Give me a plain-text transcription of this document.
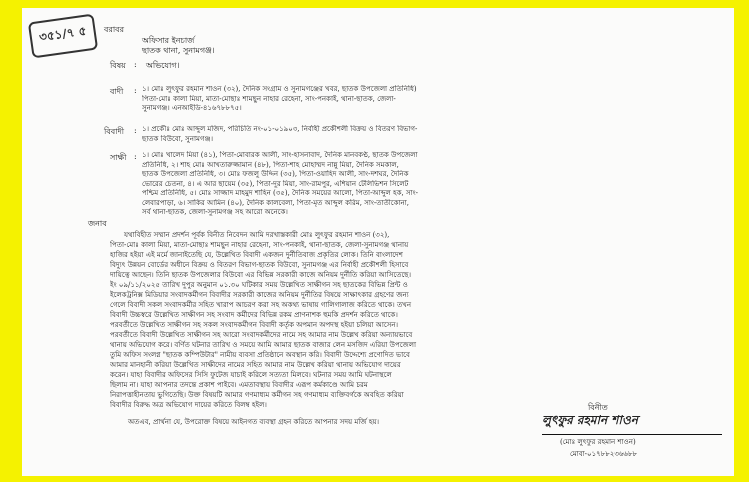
৩৫১/৭ ৫ বরাবর
অফিসার ইনচার্জ
ছাতক থানা, সুনামগঞ্জ।
বিষয় : অভিযোগ।
বাদী : ১। মোঃ লুৎফুর রহমান শাওন (৩২), দৈনিক সংগ্রাম ও সুনামগঞ্জের খবর, ছাতক উপজেলা প্রতিনিধি)

পিতা-মোঃ কালা মিয়া, মাতা-মোছাঃ শামছুন নাহার রেহেনা, সাং-পনকাই, থানা-ছাতক, জেলা-

সুনামগঞ্জ। এনআইডি-৪১৬৭৮৮৭৫।

বিবাদী : ১। প্রকৌঃ মোঃ আব্দুল মজিদ, পরিচিতি নং-০১-০১৯০৩, নির্বাহী প্রকৌশলী বিক্রয় ও বিতরণ বিভাগ-

ছাতক বিউবো, সুনামগঞ্জ।

সাক্ষী : ১। মোঃ খালেদ মিয়া (৪১), পিতা-মোবারক আলী, সাং-হাসনাবাদ, দৈনিক মানবকণ্ঠ, ছাতক উপজেলা

প্রতিনিধি, ২। শাহ মোঃ আখতারুজ্জামান (৪৮), পিতা-শাহ মোহাম্মদ নান্নু মিয়া, দৈনিক সমকাল,

ছাতক উপজেলা প্রতিনিধি, ৩। মোঃ ফজলু উদ্দিন (৩৫), পিতা-ওয়াহিদ আলী, সাং-দশঘর, দৈনিক

ভোরের চেতনা, ৪। এ আর ছায়েম (৩৫), পিতা-দুর মিয়া, সাং-রামপুর, এশিয়ান টেলিভিশন সিলেট

পশ্চিম প্রতিনিধি, ৫। মোঃ সাজ্জাদ মাহমুদ শাহিন (৩৫), দৈনিক সময়ের আলো, পিতা-আব্দুল হক, সাং-

লেবারপাড়া, ৬। সাকির আমিন (৪০), দৈনিক কালবেলা, পিতা-মৃত আব্দুল করিম, সাং-তাতীকোনা,

সর্ব থানা-ছাতক, জেলা-সুনামগঞ্জ সহ আরো অনেকে।

জনাব

যথাবিহীত সম্মান প্রদর্শন পূর্বক বিনীত নিবেদন আমি দরখাস্তকারী মোঃ লুৎফুর রহমান শাওন (৩২),

পিতা-মোঃ কালা মিয়া, মাতা-মোছাঃ শামছুন নাহার রেহেনা, সাং-পনকাই, থানা-ছাতক, জেলা-সুনামগঞ্জ থানায়

হাজির হইয়া এই মর্মে জানাইতেছি যে, উল্লেখিত বিবাদী একজন দুর্নীতিবাজ প্রকৃতির লোক। তিনি বাংলাদেশ

বিদ্যুৎ উন্নয়ন বোর্ডের অধীনে বিক্রয় ও বিতরণ বিভাগ-ছাতক বিউবো, সুনামগঞ্জ এর নির্বাহী প্রকৌশলী হিসাবে

দায়িত্বে আছেন। তিনি ছাতক উপজেলার বিউবো এর বিভিন্ন সরকারী কাজে অনিয়ম দুর্নীতি করিয়া আসিতেছে।

ইং ০৯/১১/২০২৫ তারিখ দুপুর অনুমান ০১.৩০ ঘটিকার সময় উল্লেখিত সাক্ষীগন সহ ছাতকের বিভিন্ন প্রিন্ট ও

ইলেকট্রনিক্স মিডিয়ার সংবাদকর্মীগন বিবাদীর সরকারী কাজের অনিয়ম দুর্নীতির বিষয়ে সাক্ষাৎকার গ্রহণের জন্য

গেলে বিবাদী সকল সংবাদকর্মীর সহিত খারাপ আচরণ করা সহ অকথ্য ভাষায় গালিগালাজ করিতে থাকে। তখন

বিবাদী উচ্চস্বরে উল্লেখিত সাক্ষীগন সহ সংবাদ কর্মীদের বিভিন্ন রকম প্রাণনাশক হুমকি প্রদর্শন করিতে থাকে।

পরবর্তীতে উল্লেখিত সাক্ষীগন সহ সকল সংবাদকর্মীগন বিবাদী কর্তৃক অপমান অপদস্থ হইয়া চলিয়া আসেন।

পরবর্তীতে বিবাদী উল্লেখিত সাক্ষীগন সহ আরো সংবাদকর্মীদের নামে সহ আমার নাম উল্লেখ করিয়া অন্যায়ভাবে

থানায় অভিযোগ করে। বর্ণিত ঘটনার তারিখ ও সময়ে আমি আমার ছাতক বাজার লেন মসজিদ এরিয়া উপজেলা

তুমি অফিস সংলগ্ন "ছাতক কম্পিউটার" নামীয় ব্যবসা প্রতিষ্ঠানে অবস্থান করি। বিবাদী উদ্দেশ্যে প্রণোদিত ভাবে

আমার মানহানী করিয়া উল্লেখিত সাক্ষীদের নামের সহিত আমার নাম উল্লেখ করিয়া থানায় অভিযোগ দায়ের

করেন। যাহা বিবাদীর অফিসের সিসি ফুটেজ যাচাই করিলে সত্যতা মিলবে। ঘটনার সময় আমি ঘটনাস্থলে

ছিলাম না। যাহা আপনার তদন্তে প্রকাশ পাইবে। এমতাবস্থায় বিবাদীর এরূপ কর্মকাণ্ডে আমি চরম

নিরাপত্তাহীনতায় ভুগিতেছি। উক্ত বিষয়টি আমার গণমাধ্যম কর্মীগন সহ গণমাধ্যম ব্যক্তিবর্গকে অবহিত করিয়া

বিবাদীর বিরুদ্ধ অত্র অভিযোগ দায়ের করিতে বিলম্ব হইল।

অতএব, প্রার্থনা যে, উপরোক্ত বিষয়ে আইনগত ব্যবস্থা গ্রহন করিতে আপনার সদয় মর্জি হয়।
বিনীত
লুৎফুর রহমান শাওন
(মোঃ লুৎফুর রহমান শাওন)
মোবা-০১৭৮৮২৩৬৬৮৮
